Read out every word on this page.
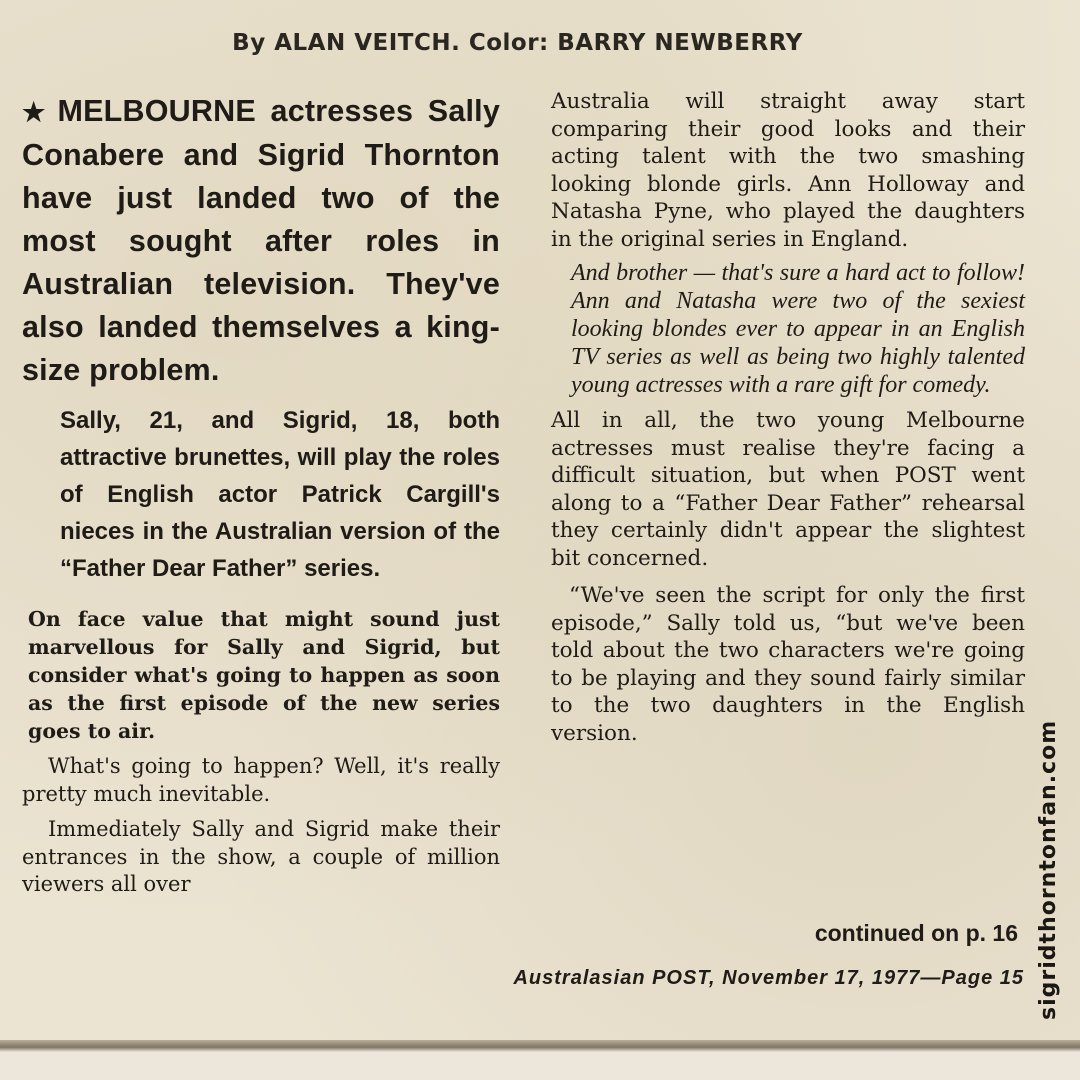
By ALAN VEITCH. Color: BARRY NEWBERRY

★ MELBOURNE actresses Sally Conabere and Sigrid Thornton have just landed two of the most sought after roles in Australian television. They've also landed themselves a king-size problem.

Sally, 21, and Sigrid, 18, both attractive brunettes, will play the roles of English actor Patrick Cargill's nieces in the Australian version of the “Father Dear Father” series.

On face value that might sound just marvellous for Sally and Sigrid, but consider what's going to happen as soon as the first episode of the new series goes to air.

What's going to happen? Well, it's really pretty much inevitable.

Immediately Sally and Sigrid make their entrances in the show, a couple of million viewers all over

Australia will straight away start comparing their good looks and their acting talent with the two smashing looking blonde girls. Ann Holloway and Natasha Pyne, who played the daughters in the original series in England.

And brother — that's sure a hard act to follow! Ann and Natasha were two of the sexiest looking blondes ever to appear in an English TV series as well as being two highly talented young actresses with a rare gift for comedy.

All in all, the two young Melbourne actresses must realise they're facing a difficult situation, but when POST went along to a “Father Dear Father” rehearsal they certainly didn't appear the slightest bit concerned.

“We've seen the script for only the first episode,” Sally told us, “but we've been told about the two characters we're going to be playing and they sound fairly similar to the two daughters in the English version.

continued on p. 16
Australasian POST, November 17, 1977—Page 15 sigridthorntonfan.com
